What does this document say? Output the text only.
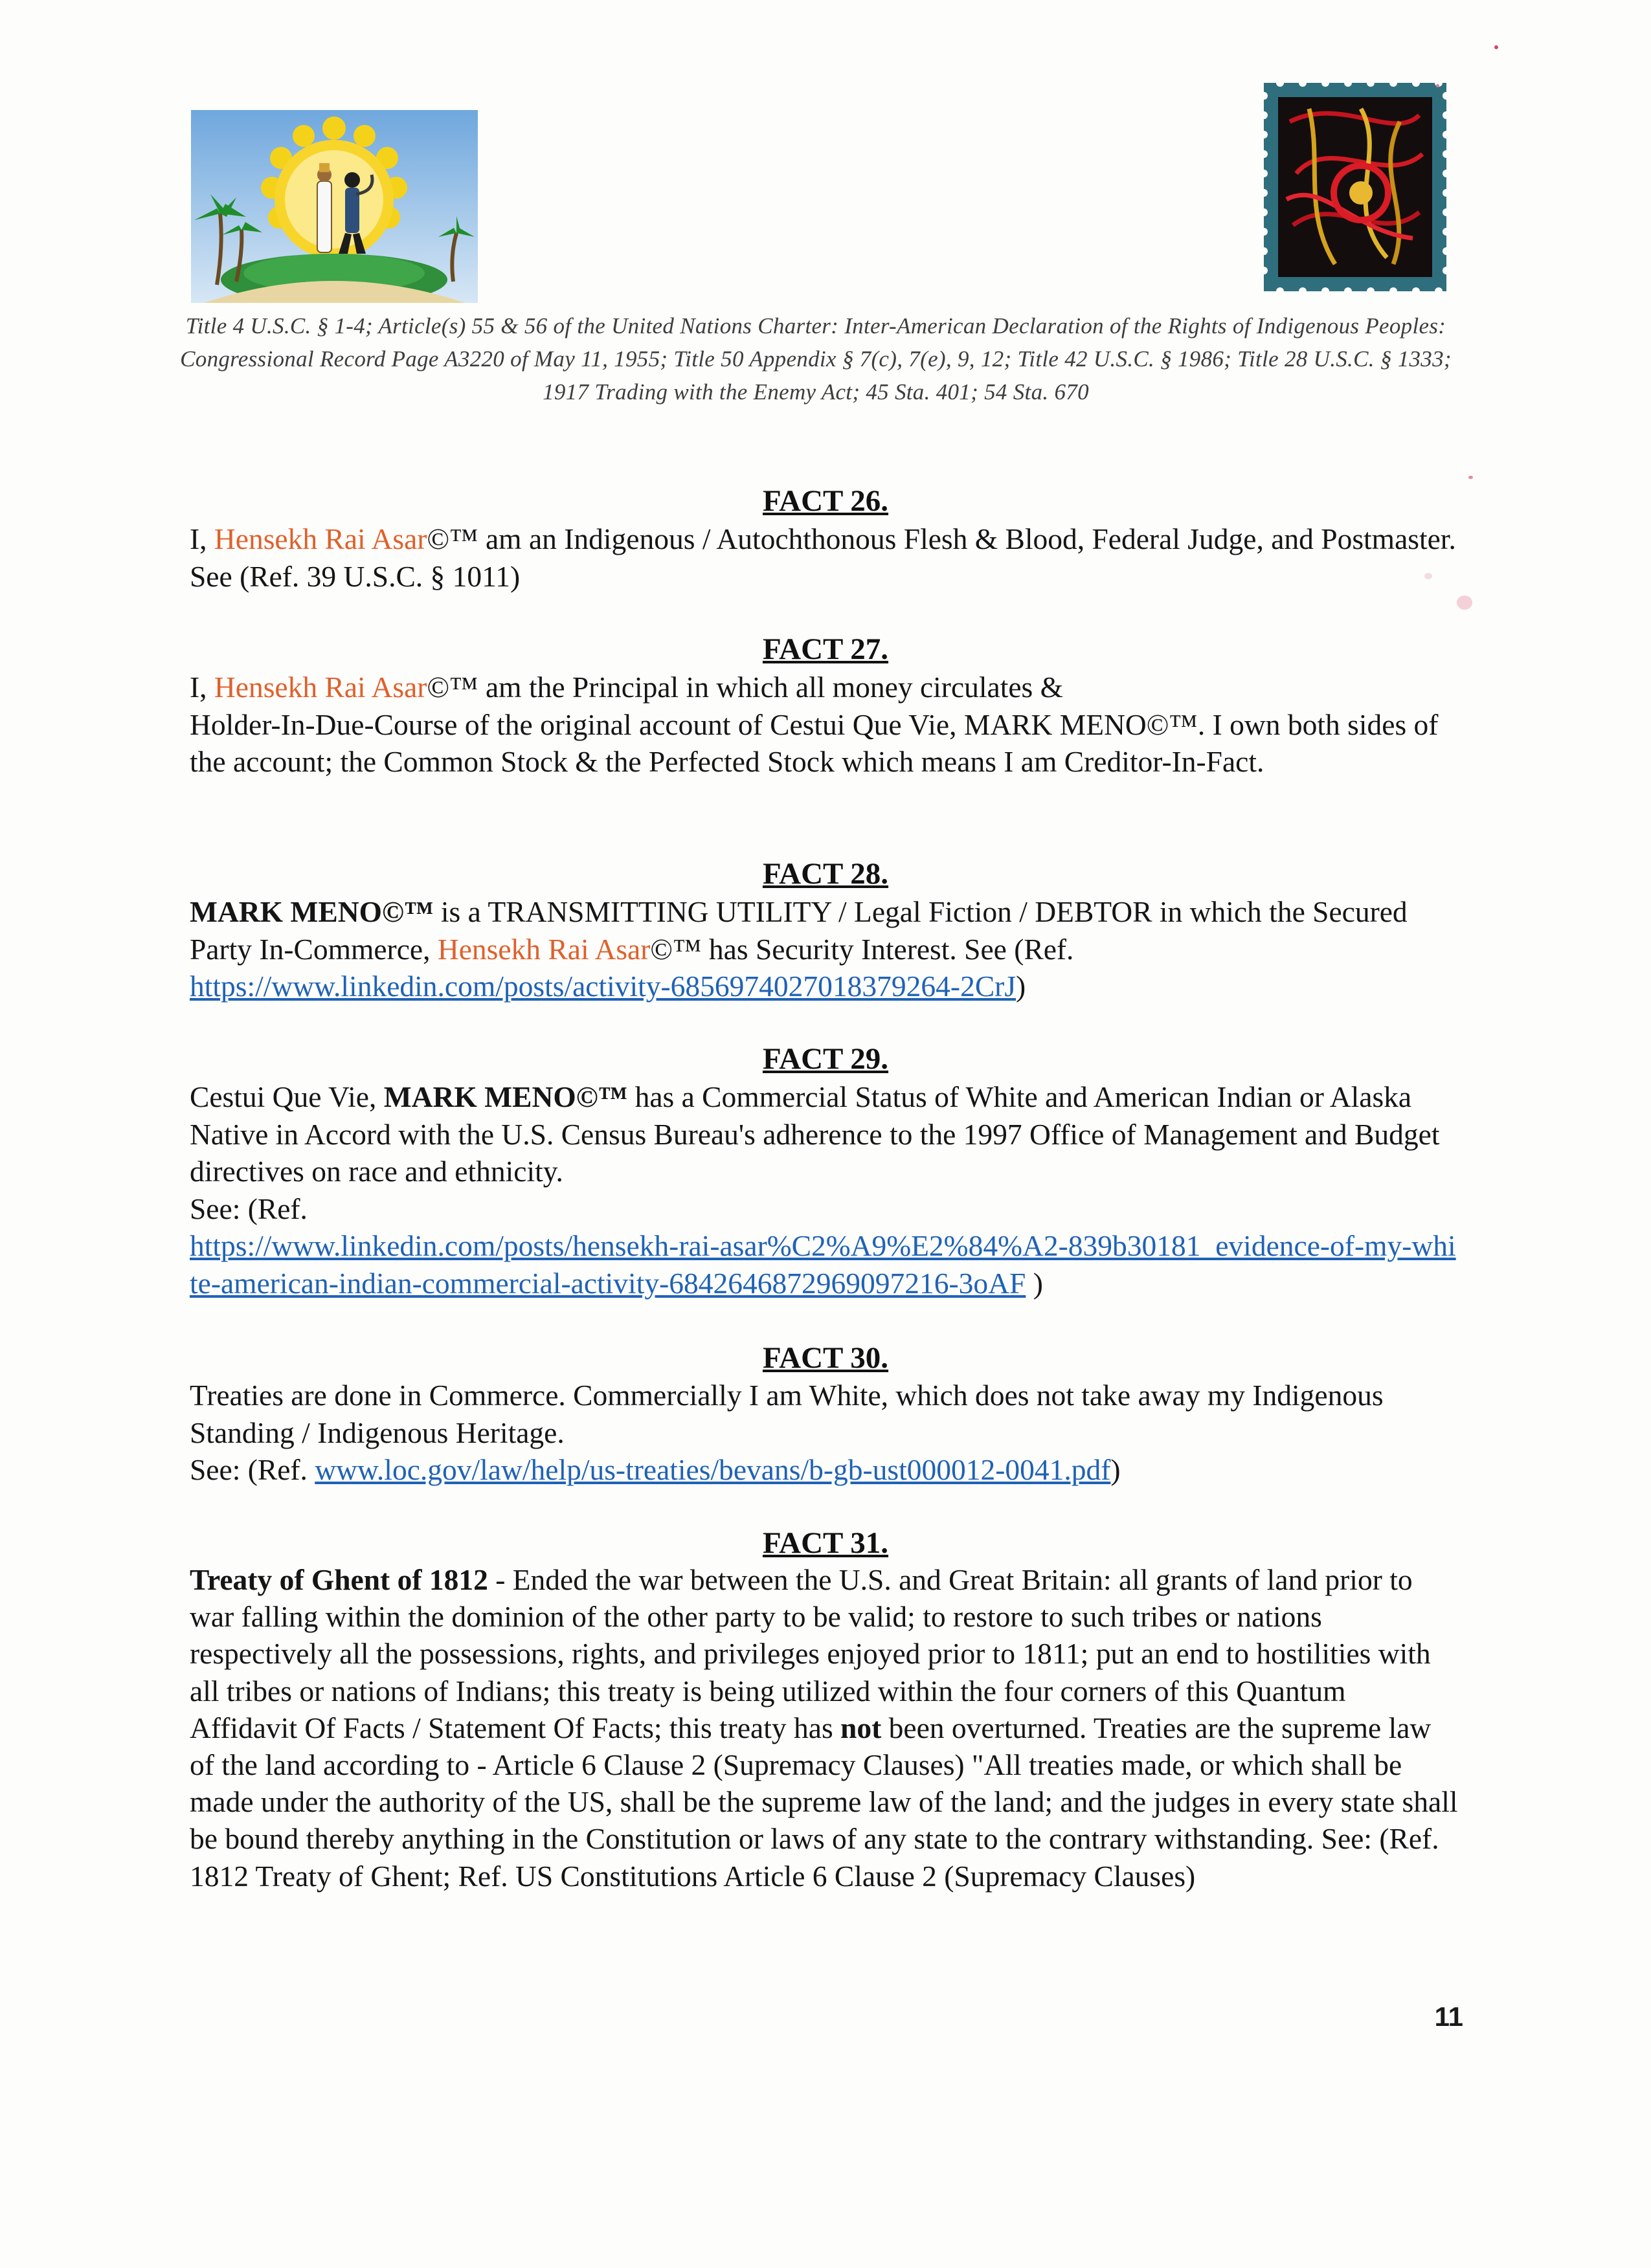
Title 4 U.S.C. § 1-4; Article(s) 55 & 56 of the United Nations Charter: Inter-American Declaration of the Rights of Indigenous Peoples: Congressional Record Page A3220 of May 11, 1955; Title 50 Appendix § 7(c), 7(e), 9, 12; Title 42 U.S.C. § 1986; Title 28 U.S.C. § 1333; 1917 Trading with the Enemy Act; 45 Sta. 401; 54 Sta. 670
FACT 26.
I, Hensekh Rai Asar©™ am an Indigenous / Autochthonous Flesh & Blood, Federal Judge, and Postmaster. See (Ref. 39 U.S.C. § 1011)
FACT 27.
I, Hensekh Rai Asar©™ am the Principal in which all money circulates &
Holder-In-Due-Course of the original account of Cestui Que Vie, MARK MENO©™. I own both sides of the account; the Common Stock & the Perfected Stock which means I am Creditor-In-Fact.
FACT 28.
MARK MENO©™ is a TRANSMITTING UTILITY / Legal Fiction / DEBTOR in which the Secured Party In-Commerce, Hensekh Rai Asar©™ has Security Interest. See (Ref.
https://www.linkedin.com/posts/activity-6856974027018379264-2CrJ)
FACT 29.
Cestui Que Vie, MARK MENO©™ has a Commercial Status of White and American Indian or Alaska Native in Accord with the U.S. Census Bureau's adherence to the 1997 Office of Management and Budget directives on race and ethnicity.
See: (Ref.
https://www.linkedin.com/posts/hensekh-rai-asar%C2%A9%E2%84%A2-839b30181_evidence-of-my-white-american-indian-commercial-activity-6842646872969097216-3oAF )
FACT 30.
Treaties are done in Commerce. Commercially I am White, which does not take away my Indigenous Standing / Indigenous Heritage.
See: (Ref. www.loc.gov/law/help/us-treaties/bevans/b-gb-ust000012-0041.pdf)
FACT 31.
Treaty of Ghent of 1812 - Ended the war between the U.S. and Great Britain: all grants of land prior to war falling within the dominion of the other party to be valid; to restore to such tribes or nations respectively all the possessions, rights, and privileges enjoyed prior to 1811; put an end to hostilities with all tribes or nations of Indians; this treaty is being utilized within the four corners of this Quantum Affidavit Of Facts / Statement Of Facts; this treaty has not been overturned. Treaties are the supreme law of the land according to - Article 6 Clause 2 (Supremacy Clauses) "All treaties made, or which shall be made under the authority of the US, shall be the supreme law of the land; and the judges in every state shall be bound thereby anything in the Constitution or laws of any state to the contrary withstanding. See: (Ref. 1812 Treaty of Ghent; Ref. US Constitutions Article 6 Clause 2 (Supremacy Clauses)
11
